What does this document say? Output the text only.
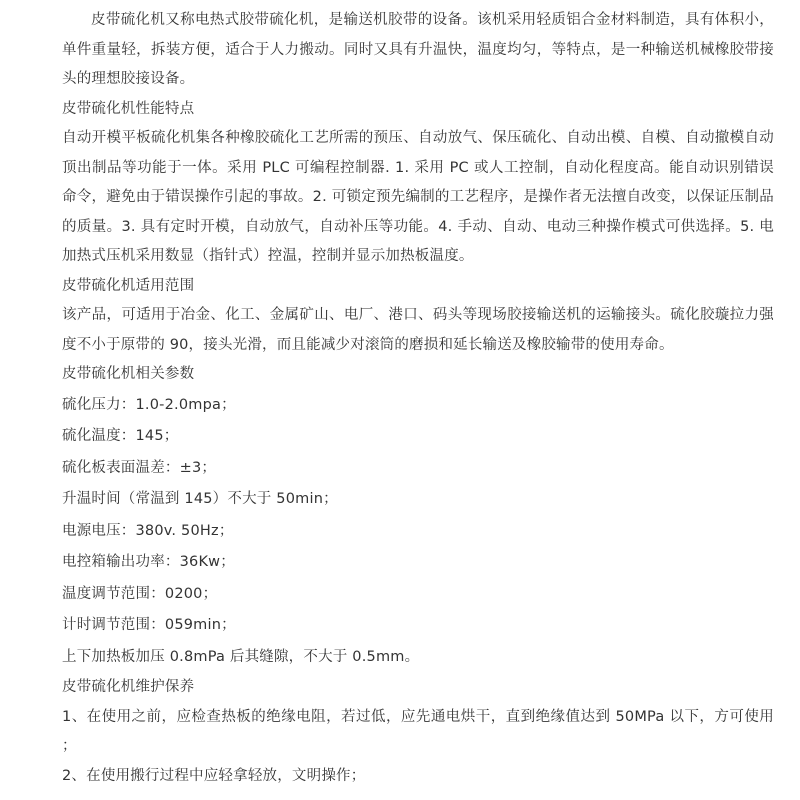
皮带硫化机又称电热式胶带硫化机，是输送机胶带的设备。该机采用轻质铝合金材料制造，具有体积小，单件重量轻，拆装方便，适合于人力搬动。同时又具有升温快，温度均匀，等特点，是一种输送机械橡胶带接头的理想胶接设备。

皮带硫化机性能特点

自动开模平板硫化机集各种橡胶硫化工艺所需的预压、自动放气、保压硫化、自动出模、自模、自动撤模自动顶出制品等功能于一体。采用 PLC 可编程控制器. 1. 采用 PC 或人工控制，自动化程度高。能自动识别错误命令，避免由于错误操作引起的事故。2. 可锁定预先编制的工艺程序，是操作者无法擅自改变，以保证压制品的质量。3. 具有定时开模，自动放气，自动补压等功能。4. 手动、自动、电动三种操作模式可供选择。5. 电加热式压机采用数显（指针式）控温，控制并显示加热板温度。

皮带硫化机适用范围

该产品，可适用于冶金、化工、金属矿山、电厂、港口、码头等现场胶接输送机的运输接头。硫化胶璇拉力强度不小于原带的 90，接头光滑，而且能减少对滚筒的磨损和延长输送及橡胶输带的使用寿命。

皮带硫化机相关参数

硫化压力：1.0-2.0mpa；

硫化温度：145；

硫化板表面温差：±3；

升温时间（常温到 145）不大于 50min；

电源电压：380v. 50Hz；

电控箱输出功率：36Kw；

温度调节范围：0200；

计时调节范围：059min；

上下加热板加压 0.8mPa 后其缝隙，不大于 0.5mm。

皮带硫化机维护保养

1、在使用之前，应检查热板的绝缘电阻，若过低，应先通电烘干，直到绝缘值达到 50MPa 以下，方可使用；

2、在使用搬行过程中应轻拿轻放，文明操作；
